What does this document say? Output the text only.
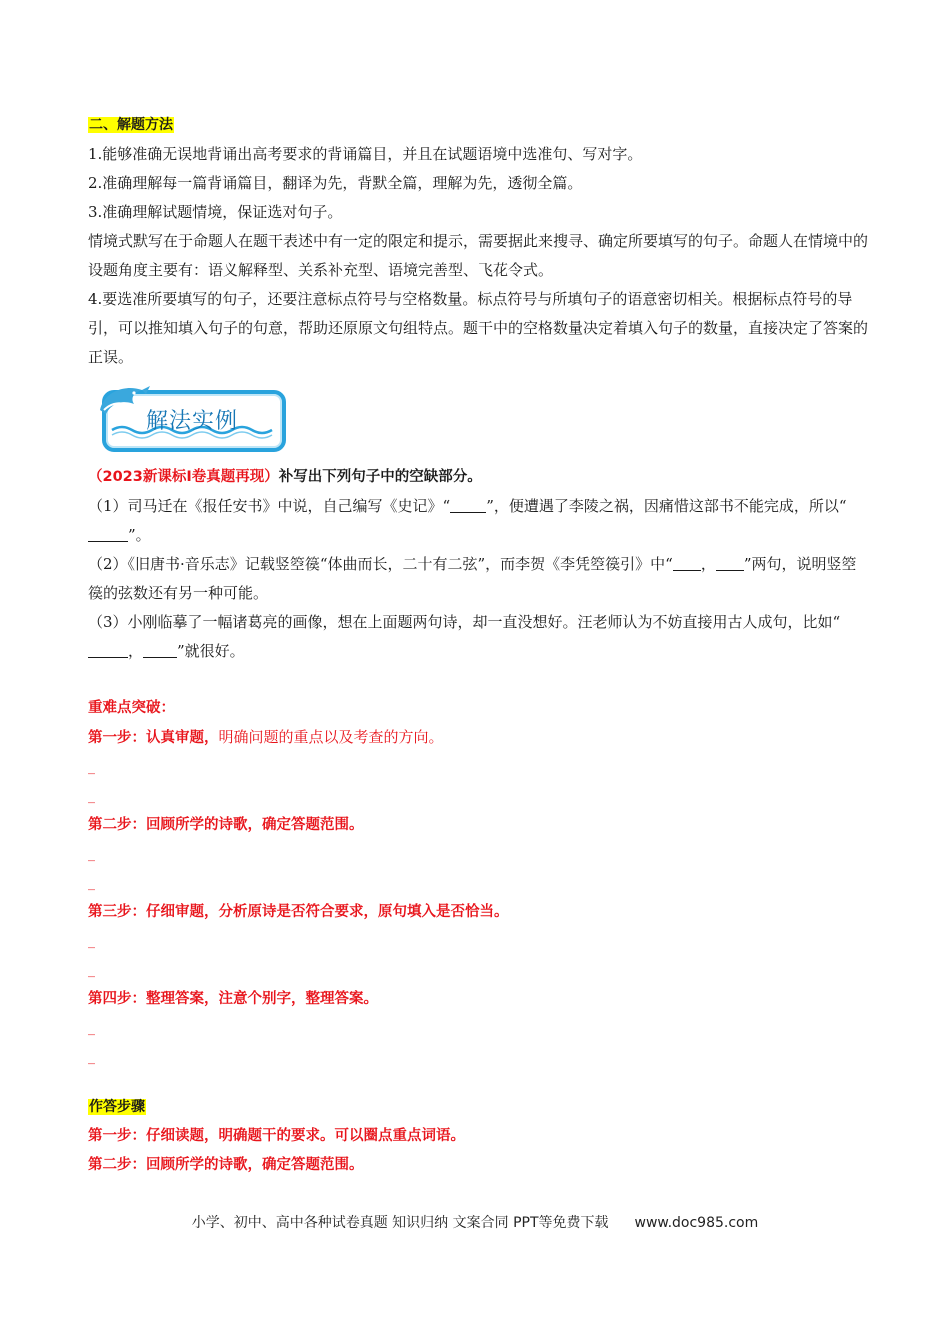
二、解题方法
1.能够准确无误地背诵出高考要求的背诵篇目，并且在试题语境中选准句、写对字。
2.准确理解每一篇背诵篇目，翻译为先，背默全篇，理解为先，透彻全篇。
3.准确理解试题情境，保证选对句子。
情境式默写在于命题人在题干表述中有一定的限定和提示，需要据此来搜寻、确定所要填写的句子。命题人在情境中的设题角度主要有：语义解释型、关系补充型、语境完善型、飞花令式。
4.要选准所要填写的句子，还要注意标点符号与空格数量。标点符号与所填句子的语意密切相关。根据标点符号的导引，可以推知填入句子的句意，帮助还原原文句组特点。题干中的空格数量决定着填入句子的数量，直接决定了答案的正误。
解法实例
（2023新课标Ⅰ卷真题再现）补写出下列句子中的空缺部分。
（1）司马迁在《报任安书》中说，自己编写《史记》“ ”，便遭遇了李陵之祸，因痛惜这部书不能完成，所以“”。
（2）《旧唐书·音乐志》记载竖箜篌“体曲而长，二十有二弦”，而李贺《李凭箜篌引》中“ ， ”两句，说明竖箜篌的弦数还有另一种可能。
（3）小刚临摹了一幅诸葛亮的画像，想在上面题两句诗，却一直没想好。汪老师认为不妨直接用古人成句，比如“， ”就很好。
重难点突破：
第一步：认真审题，明确问题的重点以及考查的方向。
_
_
第二步：回顾所学的诗歌，确定答题范围。
_
_
第三步：仔细审题，分析原诗是否符合要求，原句填入是否恰当。
_
_
第四步：整理答案，注意个别字，整理答案。
_
_
作答步骤
第一步：仔细读题，明确题干的要求。可以圈点重点词语。
第二步：回顾所学的诗歌，确定答题范围。
小学、初中、高中各种试卷真题 知识归纳 文案合同 PPT等免费下载 www.doc985.com
